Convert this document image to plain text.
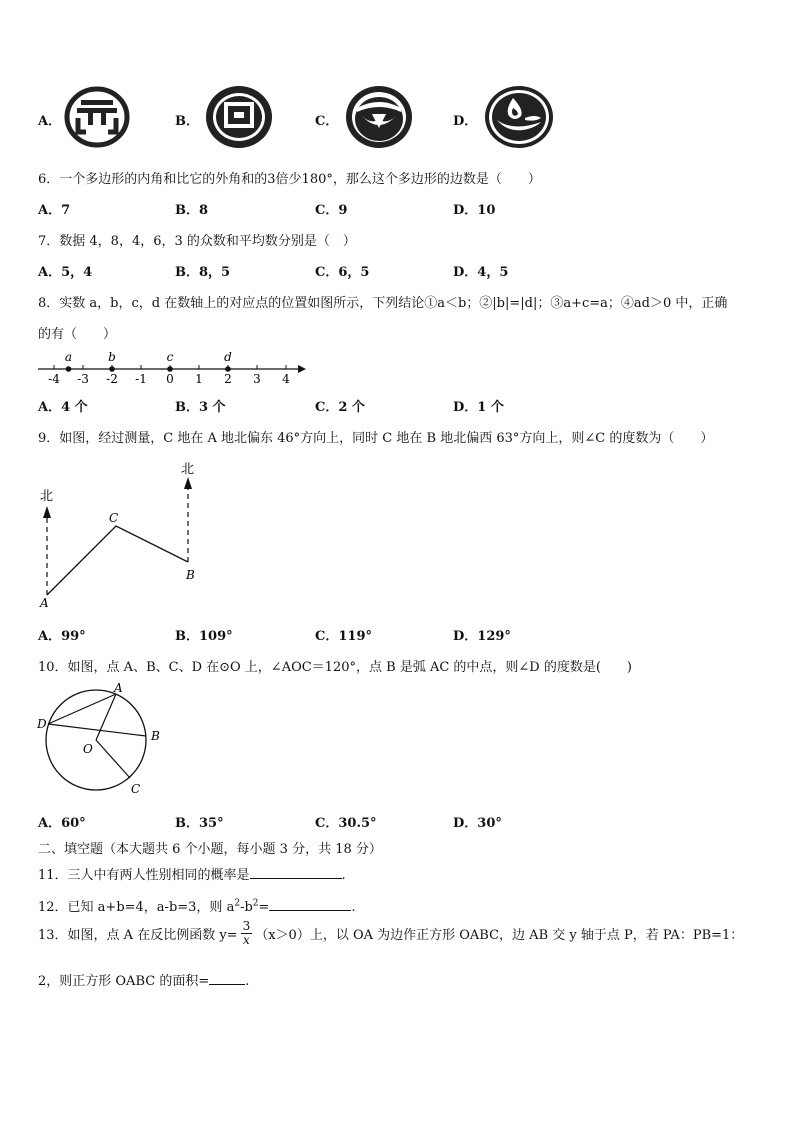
A．	B．	C．	D．
6．一个多边形的内角和比它的外角和的3倍少180°，那么这个多边形的边数是（　　）
A．7	B．8	C．9	D．10
7．数据 4，8，4，6，3 的众数和平均数分别是（　）
A．5，4	B．8，5	C．6，5	D．4，5
8．实数 a，b，c，d 在数轴上的对应点的位置如图所示，下列结论①a＜b；②|b|=|d|；③a+c=a；④ad＞0 中，正确
的有（　　）
-4 -3 -2 -1 0 1 2 3 4
a	b	c	d
A．4 个	B．3 个	C．2 个	D．1 个
9．如图，经过测量，C 地在 A 地北偏东 46°方向上，同时 C 地在 B 地北偏西 63°方向上，则∠C 的度数为（　　）
北
北
A
C
B
A．99°	B．109°	C．119°	D．129°
10．如图，点 A、B、C、D 在⊙O 上，∠AOC＝120°，点 B 是弧 AC 的中点，则∠D 的度数是(　　)
A
D
B
O
C
A．60°	B．35°	C．30.5°	D．30°
二、填空题（本大题共 6 个小题，每小题 3 分，共 18 分）
11．三人中有两人性别相同的概率是	.
12．已知 a+b=4，a-b=3，则 $a^2-b^2=$	.
13．如图，点 A 在反比例函数 $y= \frac{3}{x} (x>0)$上，以 OA 为边作正方形 OABC，边 AB 交 y 轴于点 P，若 PA：PB=1：
2，则正方形 OABC 的面积=	.
